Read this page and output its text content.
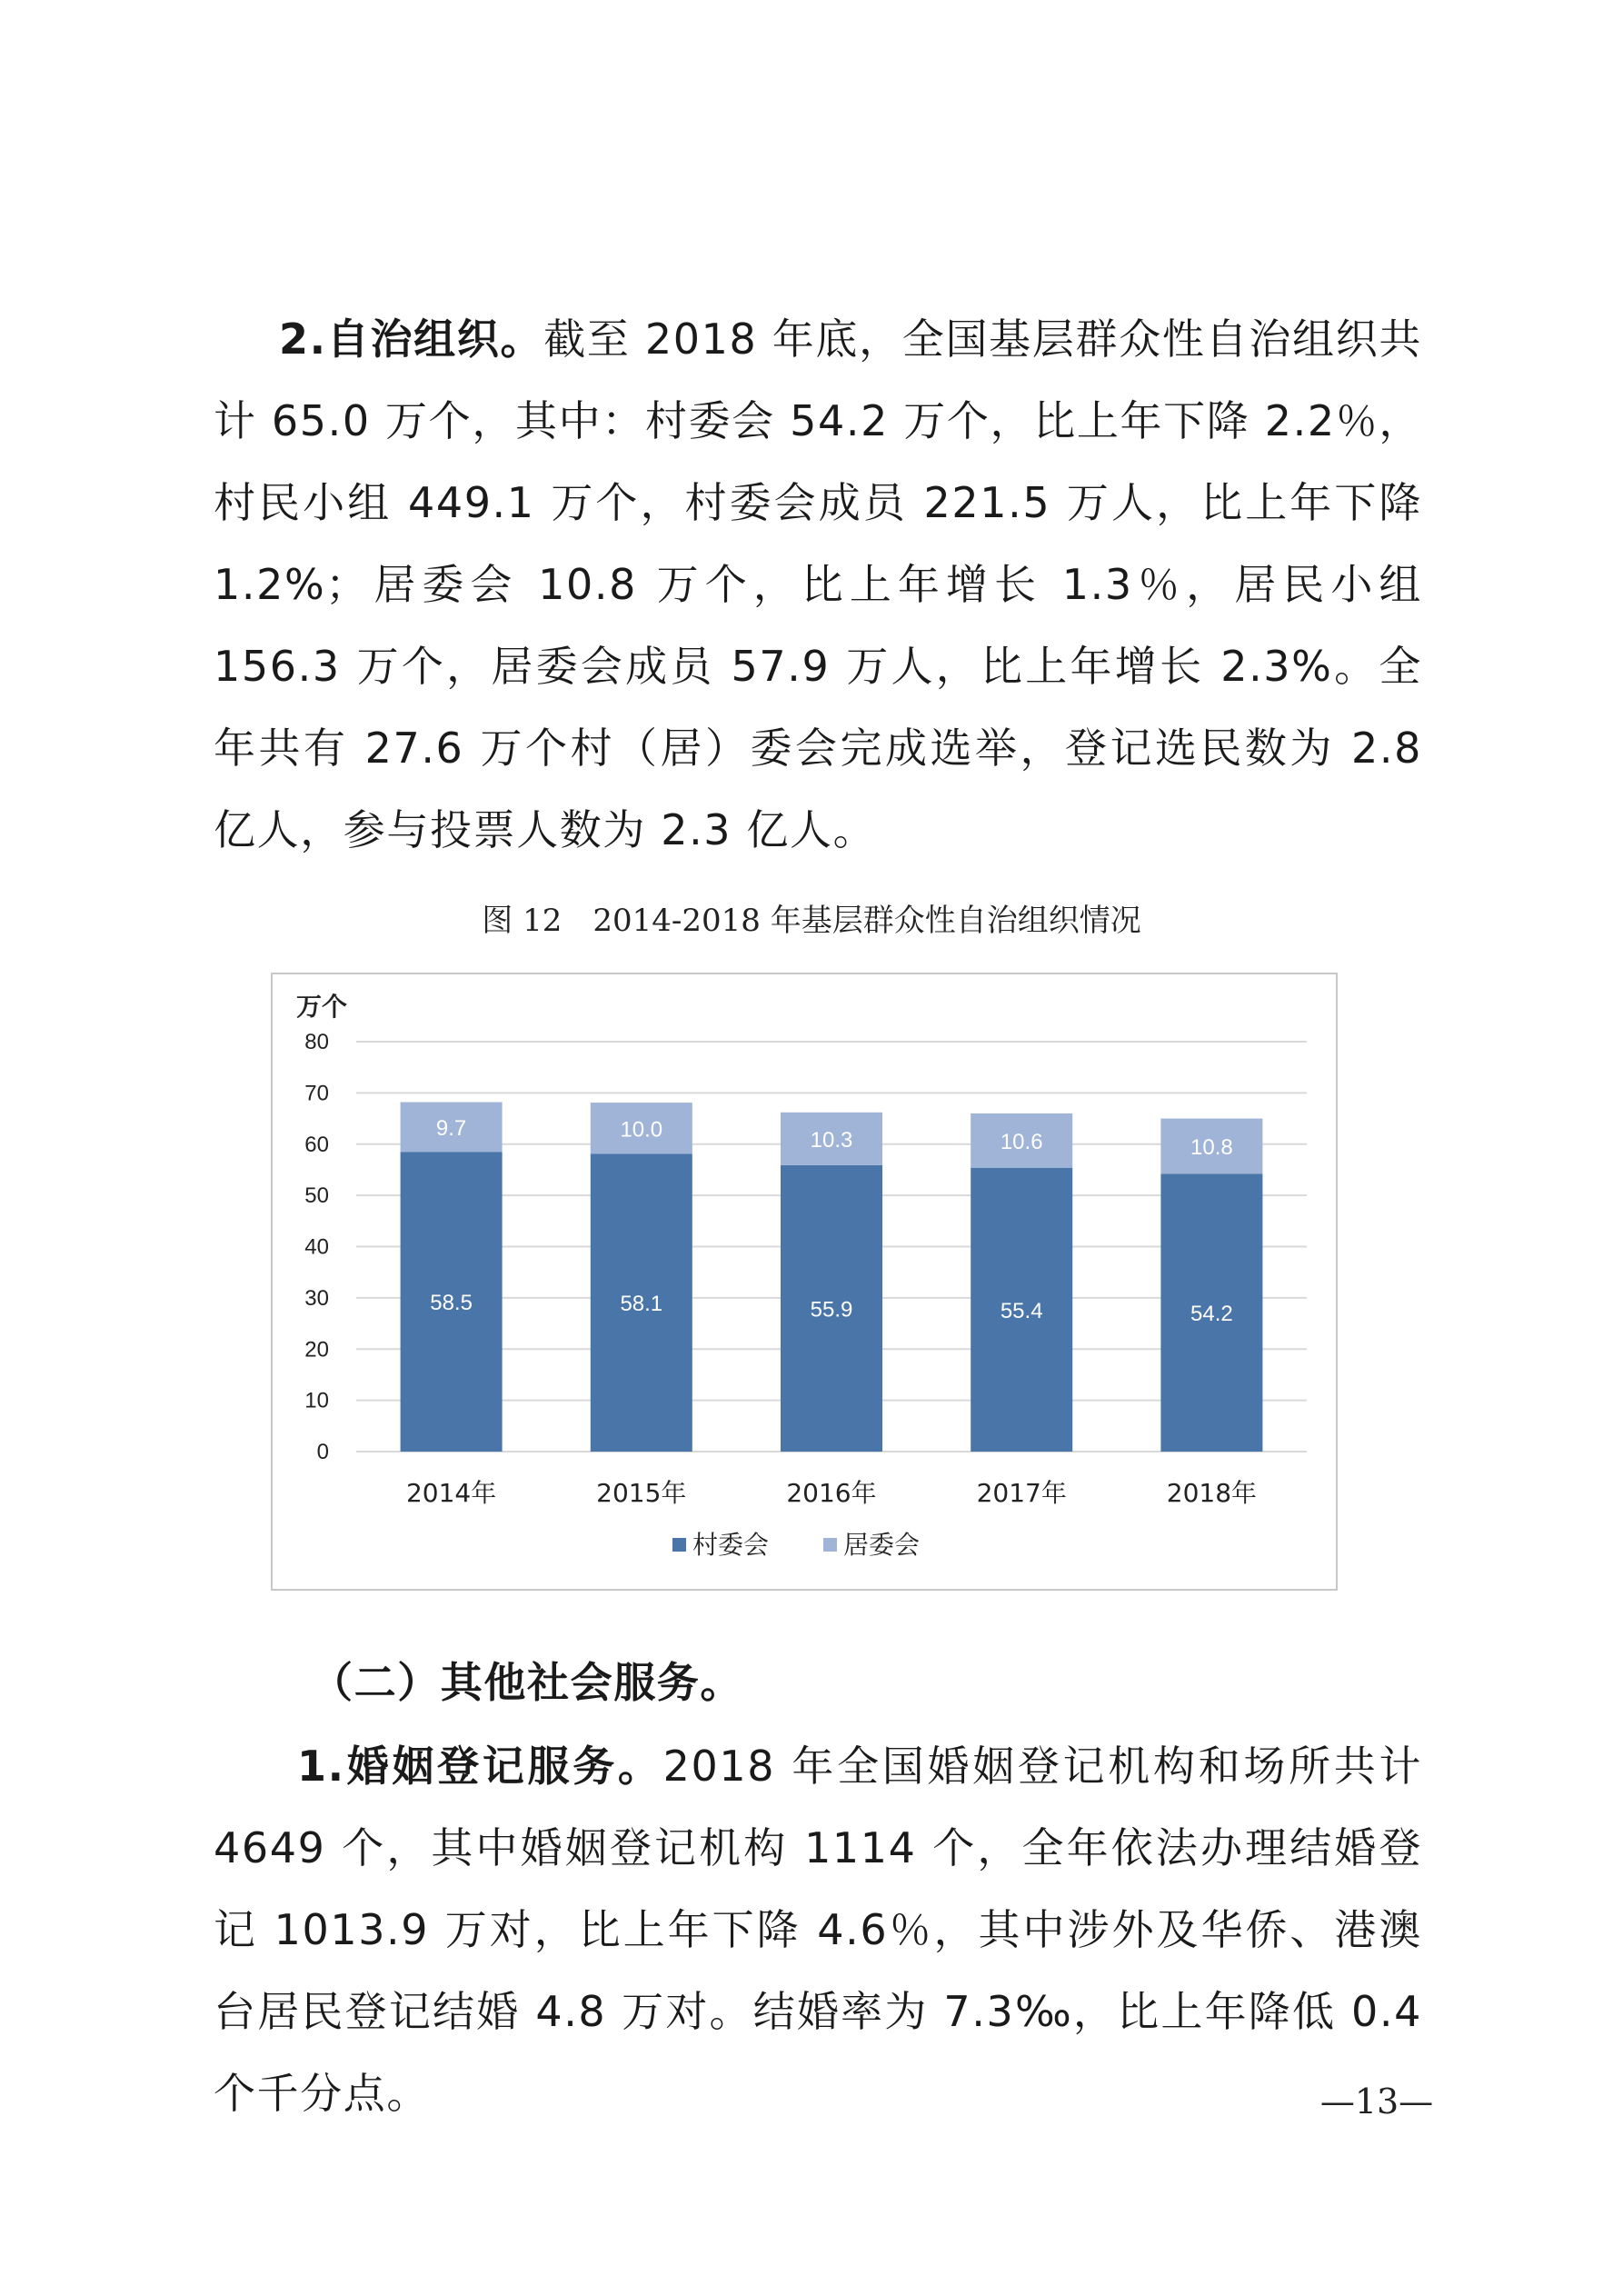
2.自治组织。截至 2018 年底，全国基层群众性自治组织共计 65.0 万个，其中：村委会 54.2 万个，比上年下降 2.2％，村民小组 449.1 万个，村委会成员 221.5 万人，比上年下降 1.2%；居委会 10.8 万个，比上年增长 1.3％，居民小组 156.3 万个，居委会成员 57.9 万人，比上年增长 2.3%。全年共有 27.6 万个村（居）委会完成选举，登记选民数为 2.8 亿人，参与投票人数为 2.3 亿人。

图 12　2014-2018 年基层群众性自治组织情况

万个
0
10
20
30
40
50
60
70
80
58.5
9.7
58.1
10.0
55.9
10.3
55.4
10.6
54.2
10.8
2014年	2015年	2016年	2017年	2018年
村委会	居委会

（二）其他社会服务。

1.婚姻登记服务。2018 年全国婚姻登记机构和场所共计 4649 个，其中婚姻登记机构 1114 个，全年依法办理结婚登记 1013.9 万对，比上年下降 4.6％，其中涉外及华侨、港澳台居民登记结婚 4.8 万对。结婚率为 7.3‰，比上年降低 0.4 个千分点。	—13—
